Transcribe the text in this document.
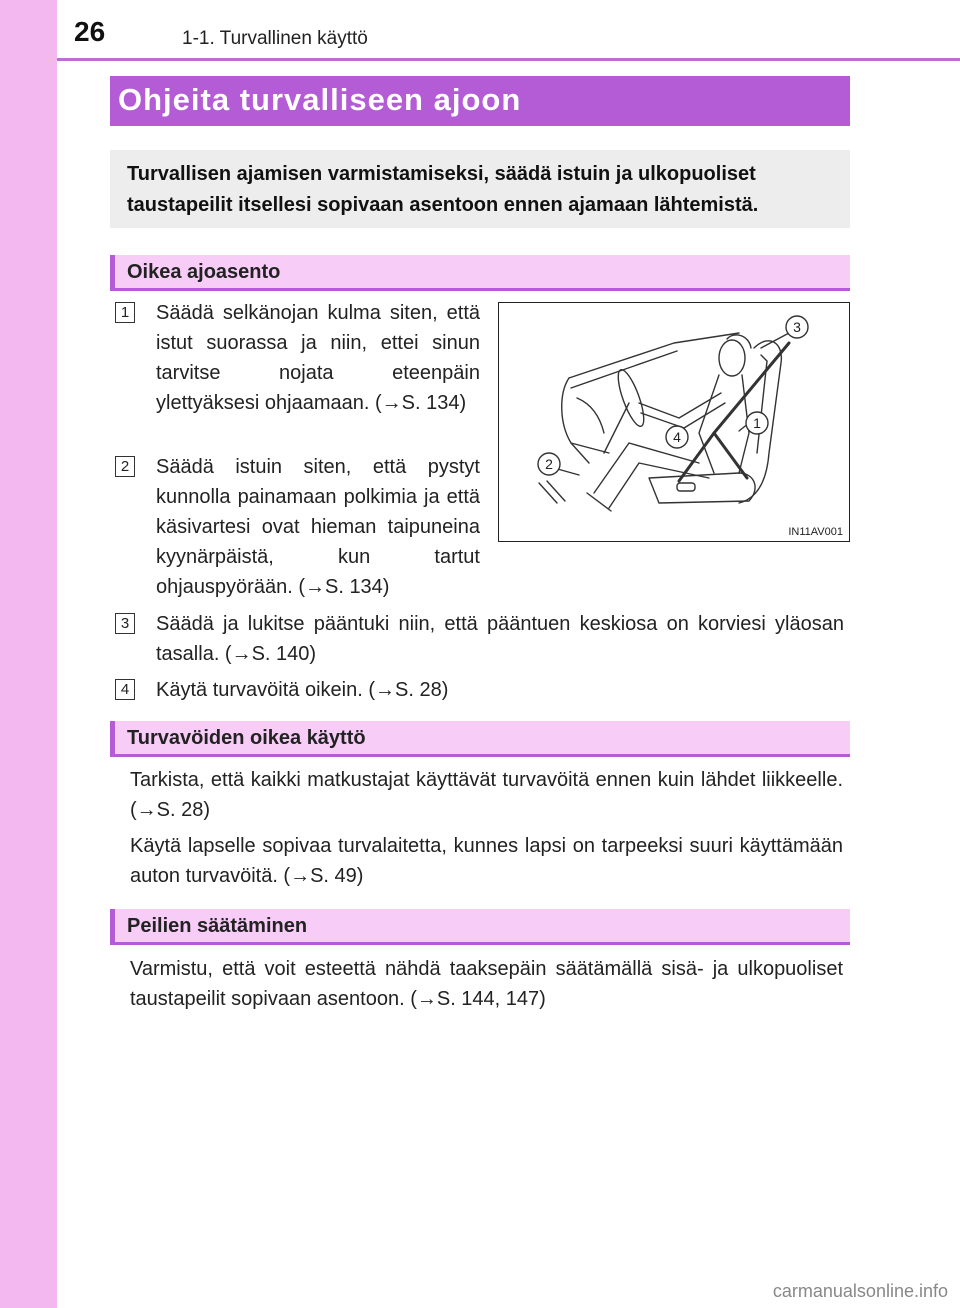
26	1-1. Turvallinen käyttö
Ohjeita turvalliseen ajoon
Turvallisen ajamisen varmistamiseksi, säädä istuin ja ulkopuoliset taustapeilit itsellesi sopivaan asentoon ennen ajamaan lähtemistä.
Oikea ajoasento
1 Säädä selkänojan kulma siten, että istut suorassa ja niin, ettei sinun tarvitse nojata eteenpäin ylettyäksesi ohjaamaan. (→S. 134)
2 Säädä istuin siten, että pystyt kunnolla painamaan polkimia ja että käsivartesi ovat hieman taipuneina kyynärpäistä, kun tartut ohjauspyörään. (→S. 134)
3 Säädä ja lukitse pääntuki niin, että pääntuen keskiosa on korviesi yläosan tasalla. (→S. 140)
4 Käytä turvavöitä oikein. (→S. 28)
3
1
2
4
IN11AV001
Turvavöiden oikea käyttö
Tarkista, että kaikki matkustajat käyttävät turvavöitä ennen kuin lähdet liikkeelle. (→S. 28)
Käytä lapselle sopivaa turvalaitetta, kunnes lapsi on tarpeeksi suuri käyttämään auton turvavöitä. (→S. 49)
Peilien säätäminen
Varmistu, että voit esteettä nähdä taaksepäin säätämällä sisä- ja ulkopuoliset taustapeilit sopivaan asentoon. (→S. 144, 147)
carmanualsonline.info
